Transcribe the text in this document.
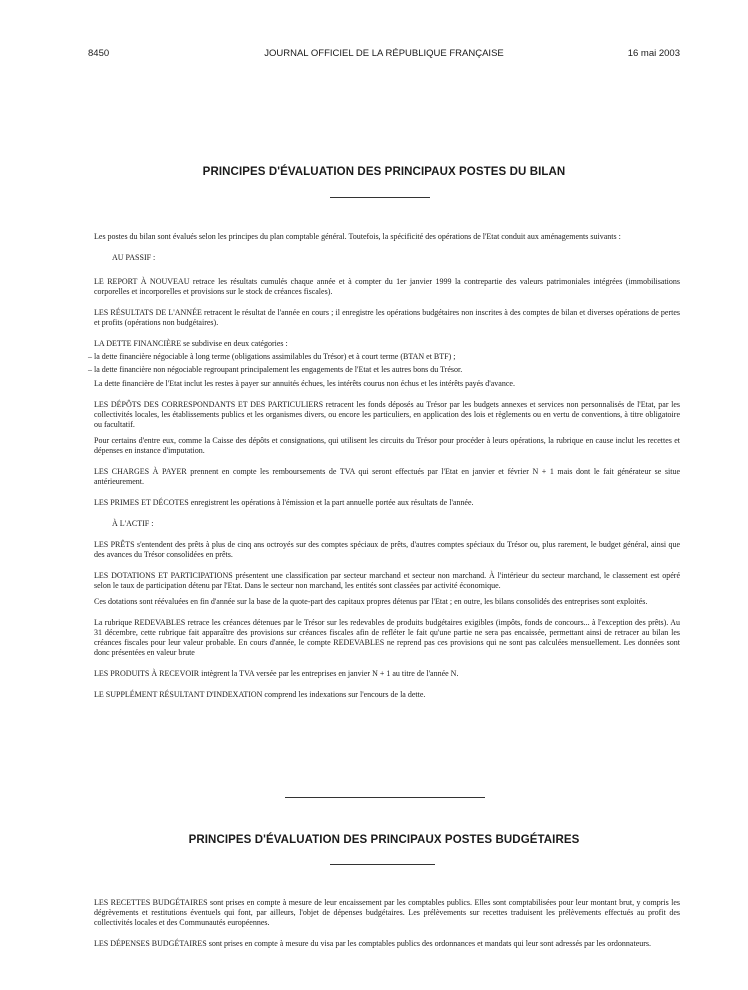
8450	JOURNAL OFFICIEL DE LA RÉPUBLIQUE FRANÇAISE	16 mai 2003
PRINCIPES D'ÉVALUATION DES PRINCIPAUX POSTES DU BILAN

Les postes du bilan sont évalués selon les principes du plan comptable général. Toutefois, la spécificité des opérations de l'Etat conduit aux aménagements suivants :

AU PASSIF :

LE REPORT À NOUVEAU retrace les résultats cumulés chaque année et à compter du 1er janvier 1999 la contrepartie des valeurs patrimoniales intégrées (immobilisations corporelles et incorporelles et provisions sur le stock de créances fiscales).

LES RÉSULTATS DE L'ANNÉE retracent le résultat de l'année en cours ; il enregistre les opérations budgétaires non inscrites à des comptes de bilan et diverses opérations de pertes et profits (opérations non budgétaires).

LA DETTE FINANCIÈRE se subdivise en deux catégories :

– la dette financière négociable à long terme (obligations assimilables du Trésor) et à court terme (BTAN et BTF) ;

– la dette financière non négociable regroupant principalement les engagements de l'Etat et les autres bons du Trésor.

La dette financière de l'Etat inclut les restes à payer sur annuités échues, les intérêts courus non échus et les intérêts payés d'avance.

LES DÉPÔTS DES CORRESPONDANTS ET DES PARTICULIERS retracent les fonds déposés au Trésor par les budgets annexes et services non personnalisés de l'Etat, par les collectivités locales, les établissements publics et les organismes divers, ou encore les particuliers, en application des lois et règlements ou en vertu de conventions, à titre obligatoire ou facultatif.

Pour certains d'entre eux, comme la Caisse des dépôts et consignations, qui utilisent les circuits du Trésor pour procéder à leurs opérations, la rubrique en cause inclut les recettes et dépenses en instance d'imputation.

LES CHARGES À PAYER prennent en compte les remboursements de TVA qui seront effectués par l'Etat en janvier et février N + 1 mais dont le fait générateur se situe antérieurement.

LES PRIMES ET DÉCOTES enregistrent les opérations à l'émission et la part annuelle portée aux résultats de l'année.

À L'ACTIF :

LES PRÊTS s'entendent des prêts à plus de cinq ans octroyés sur des comptes spéciaux de prêts, d'autres comptes spéciaux du Trésor ou, plus rarement, le budget général, ainsi que des avances du Trésor consolidées en prêts.

LES DOTATIONS ET PARTICIPATIONS présentent une classification par secteur marchand et secteur non marchand. À l'intérieur du secteur marchand, le classement est opéré selon le taux de participation détenu par l'Etat. Dans le secteur non marchand, les entités sont classées par activité économique.

Ces dotations sont réévaluées en fin d'année sur la base de la quote-part des capitaux propres détenus par l'Etat ; en outre, les bilans consolidés des entreprises sont exploités.

La rubrique REDEVABLES retrace les créances détenues par le Trésor sur les redevables de produits budgétaires exigibles (impôts, fonds de concours... à l'exception des prêts). Au 31 décembre, cette rubrique fait apparaître des provisions sur créances fiscales afin de refléter le fait qu'une partie ne sera pas encaissée, permettant ainsi de retracer au bilan les créances fiscales pour leur valeur probable. En cours d'année, le compte REDEVABLES ne reprend pas ces provisions qui ne sont pas calculées mensuellement. Les données sont donc présentées en valeur brute

LES PRODUITS À RECEVOIR intègrent la TVA versée par les entreprises en janvier N + 1 au titre de l'année N.

LE SUPPLÉMENT RÉSULTANT D'INDEXATION comprend les indexations sur l'encours de la dette.

PRINCIPES D'ÉVALUATION DES PRINCIPAUX POSTES BUDGÉTAIRES

LES RECETTES BUDGÉTAIRES sont prises en compte à mesure de leur encaissement par les comptables publics. Elles sont comptabilisées pour leur montant brut, y compris les dégrèvements et restitutions éventuels qui font, par ailleurs, l'objet de dépenses budgétaires. Les prélèvements sur recettes traduisent les prélèvements effectués au profit des collectivités locales et des Communautés européennes.

LES DÉPENSES BUDGÉTAIRES sont prises en compte à mesure du visa par les comptables publics des ordonnances et mandats qui leur sont adressés par les ordonnateurs.
